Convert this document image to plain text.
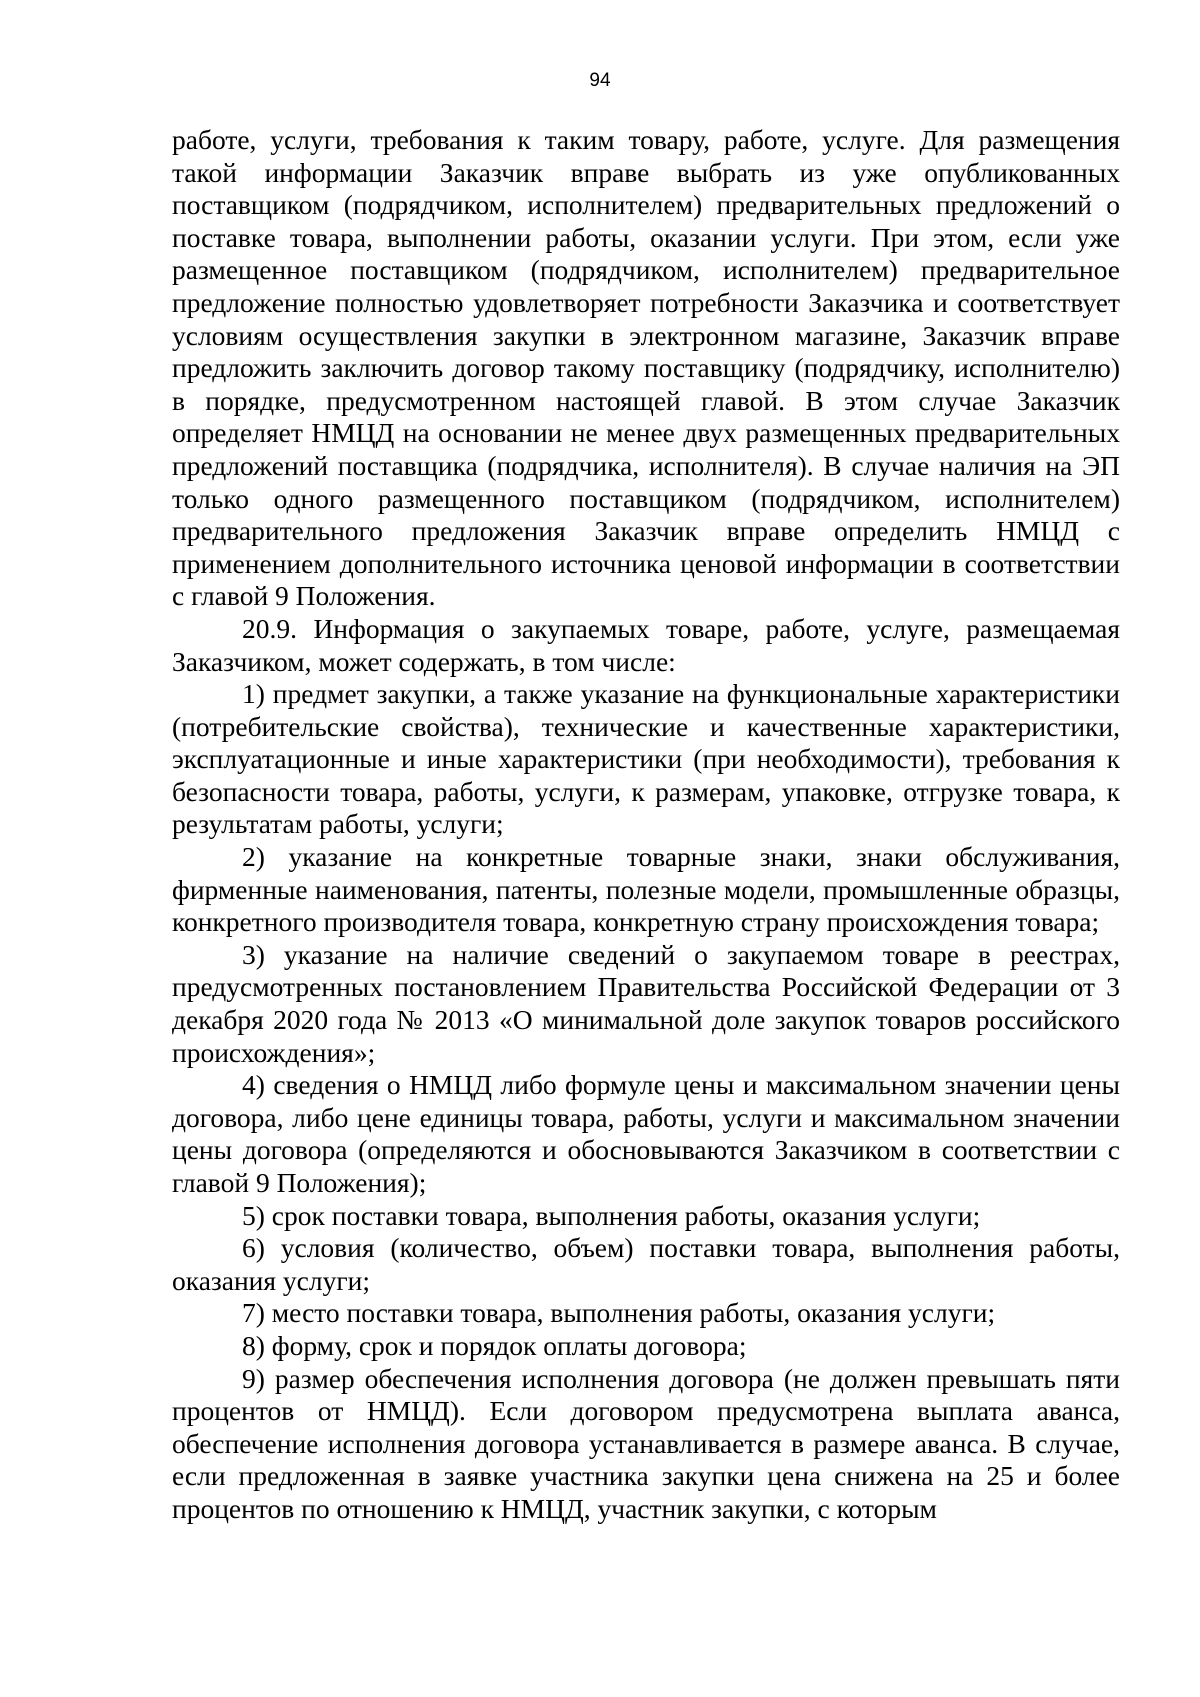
94

работе, услуги, требования к таким товару, работе, услуге. Для размещения такой информации Заказчик вправе выбрать из уже опубликованных поставщиком (подрядчиком, исполнителем) предварительных предложений о поставке товара, выполнении работы, оказании услуги. При этом, если уже размещенное поставщиком (подрядчиком, исполнителем) предварительное предложение полностью удовлетворяет потребности Заказчика и соответствует условиям осуществления закупки в электронном магазине, Заказчик вправе предложить заключить договор такому поставщику (подрядчику, исполнителю) в порядке, предусмотренном настоящей главой. В этом случае Заказчик определяет НМЦД на основании не менее двух размещенных предварительных предложений поставщика (подрядчика, исполнителя). В случае наличия на ЭП только одного размещенного поставщиком (подрядчиком, исполнителем) предварительного предложения Заказчик вправе определить НМЦД с применением дополнительного источника ценовой информации в соответствии с главой 9 Положения.

20.9. Информация о закупаемых товаре, работе, услуге, размещаемая Заказчиком, может содержать, в том числе:

1) предмет закупки, а также указание на функциональные характеристики (потребительские свойства), технические и качественные характеристики, эксплуатационные и иные характеристики (при необходимости), требования к безопасности товара, работы, услуги, к размерам, упаковке, отгрузке товара, к результатам работы, услуги;

2) указание на конкретные товарные знаки, знаки обслуживания, фирменные наименования, патенты, полезные модели, промышленные образцы, конкретного производителя товара, конкретную страну происхождения товара;

3) указание на наличие сведений о закупаемом товаре в реестрах, предусмотренных постановлением Правительства Российской Федерации от 3 декабря 2020 года № 2013 «О минимальной доле закупок товаров российского происхождения»;

4) сведения о НМЦД либо формуле цены и максимальном значении цены договора, либо цене единицы товара, работы, услуги и максимальном значении цены договора (определяются и обосновываются Заказчиком в соответствии с главой 9 Положения);

5) срок поставки товара, выполнения работы, оказания услуги;

6) условия (количество, объем) поставки товара, выполнения работы, оказания услуги;

7) место поставки товара, выполнения работы, оказания услуги;

8) форму, срок и порядок оплаты договора;

9) размер обеспечения исполнения договора (не должен превышать пяти процентов от НМЦД). Если договором предусмотрена выплата аванса, обеспечение исполнения договора устанавливается в размере аванса. В случае, если предложенная в заявке участника закупки цена снижена на 25 и более процентов по отношению к НМЦД, участник закупки, с которым
